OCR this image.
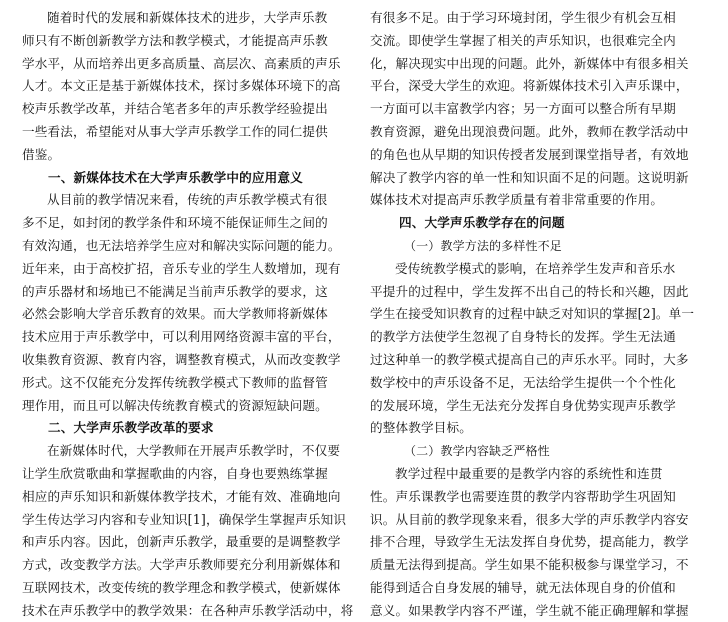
随着时代的发展和新媒体技术的进步，大学声乐教
师只有不断创新教学方法和教学模式，才能提高声乐教
学水平，从而培养出更多高质量、高层次、高素质的声乐
人才。本文正是基于新媒体技术，探讨多媒体环境下的高
校声乐教学改革，并结合笔者多年的声乐教学经验提出
一些看法，希望能对从事大学声乐教学工作的同仁提供
借鉴。
一、新媒体技术在大学声乐教学中的应用意义
从目前的教学情况来看，传统的声乐教学模式有很
多不足，如封闭的教学条件和环境不能保证师生之间的
有效沟通，也无法培养学生应对和解决实际问题的能力。
近年来，由于高校扩招，音乐专业的学生人数增加，现有
的声乐器材和场地已不能满足当前声乐教学的要求，这
必然会影响大学音乐教育的效果。而大学教师将新媒体
技术应用于声乐教学中，可以利用网络资源丰富的平台，
收集教育资源、教育内容，调整教育模式，从而改变教学
形式。这不仅能充分发挥传统教学模式下教师的监督管
理作用，而且可以解决传统教育模式的资源短缺问题。
二、大学声乐教学改革的要求
在新媒体时代，大学教师在开展声乐教学时，不仅要
让学生欣赏歌曲和掌握歌曲的内容，自身也要熟练掌握
相应的声乐知识和新媒体教学技术，才能有效、准确地向
学生传达学习内容和专业知识[1]，确保学生掌握声乐知识
和声乐内容。因此，创新声乐教学，最重要的是调整教学
方式，改变教学方法。大学声乐教师要充分利用新媒体和
互联网技术，改变传统的教学理念和教学模式，使新媒体
技术在声乐教学中的教学效果：在各种声乐教学活动中，将
有很多不足。由于学习环境封闭，学生很少有机会互相
交流。即使学生掌握了相关的声乐知识，也很难完全内
化，解决现实中出现的问题。此外，新媒体中有很多相关
平台，深受大学生的欢迎。将新媒体技术引入声乐课中，
一方面可以丰富教学内容；另一方面可以整合所有早期
教育资源，避免出现浪费问题。此外，教师在教学活动中
的角色也从早期的知识传授者发展到课堂指导者，有效地
解决了教学内容的单一性和知识面不足的问题。这说明新
媒体技术对提高声乐教学质量有着非常重要的作用。
四、大学声乐教学存在的问题
（一）教学方法的多样性不足
受传统教学模式的影响，在培养学生发声和音乐水
平提升的过程中，学生发挥不出自己的特长和兴趣，因此
学生在接受知识教育的过程中缺乏对知识的掌握[2]。单一
的教学方法使学生忽视了自身特长的发挥。学生无法通
过这种单一的教学模式提高自己的声乐水平。同时，大多
数学校中的声乐设备不足，无法给学生提供一个个性化
的发展环境，学生无法充分发挥自身优势实现声乐教学
的整体教学目标。
（二）教学内容缺乏严格性
教学过程中最重要的是教学内容的系统性和连贯
性。声乐课教学也需要连贯的教学内容帮助学生巩固知
识。从目前的教学现象来看，很多大学的声乐教学内容安
排不合理，导致学生无法发挥自身优势，提高能力，教学
质量无法得到提高。学生如果不能积极参与课堂学习，不
能得到适合自身发展的辅导，就无法体现自身的价值和
意义。如果教学内容不严谨，学生就不能正确理解和掌握
